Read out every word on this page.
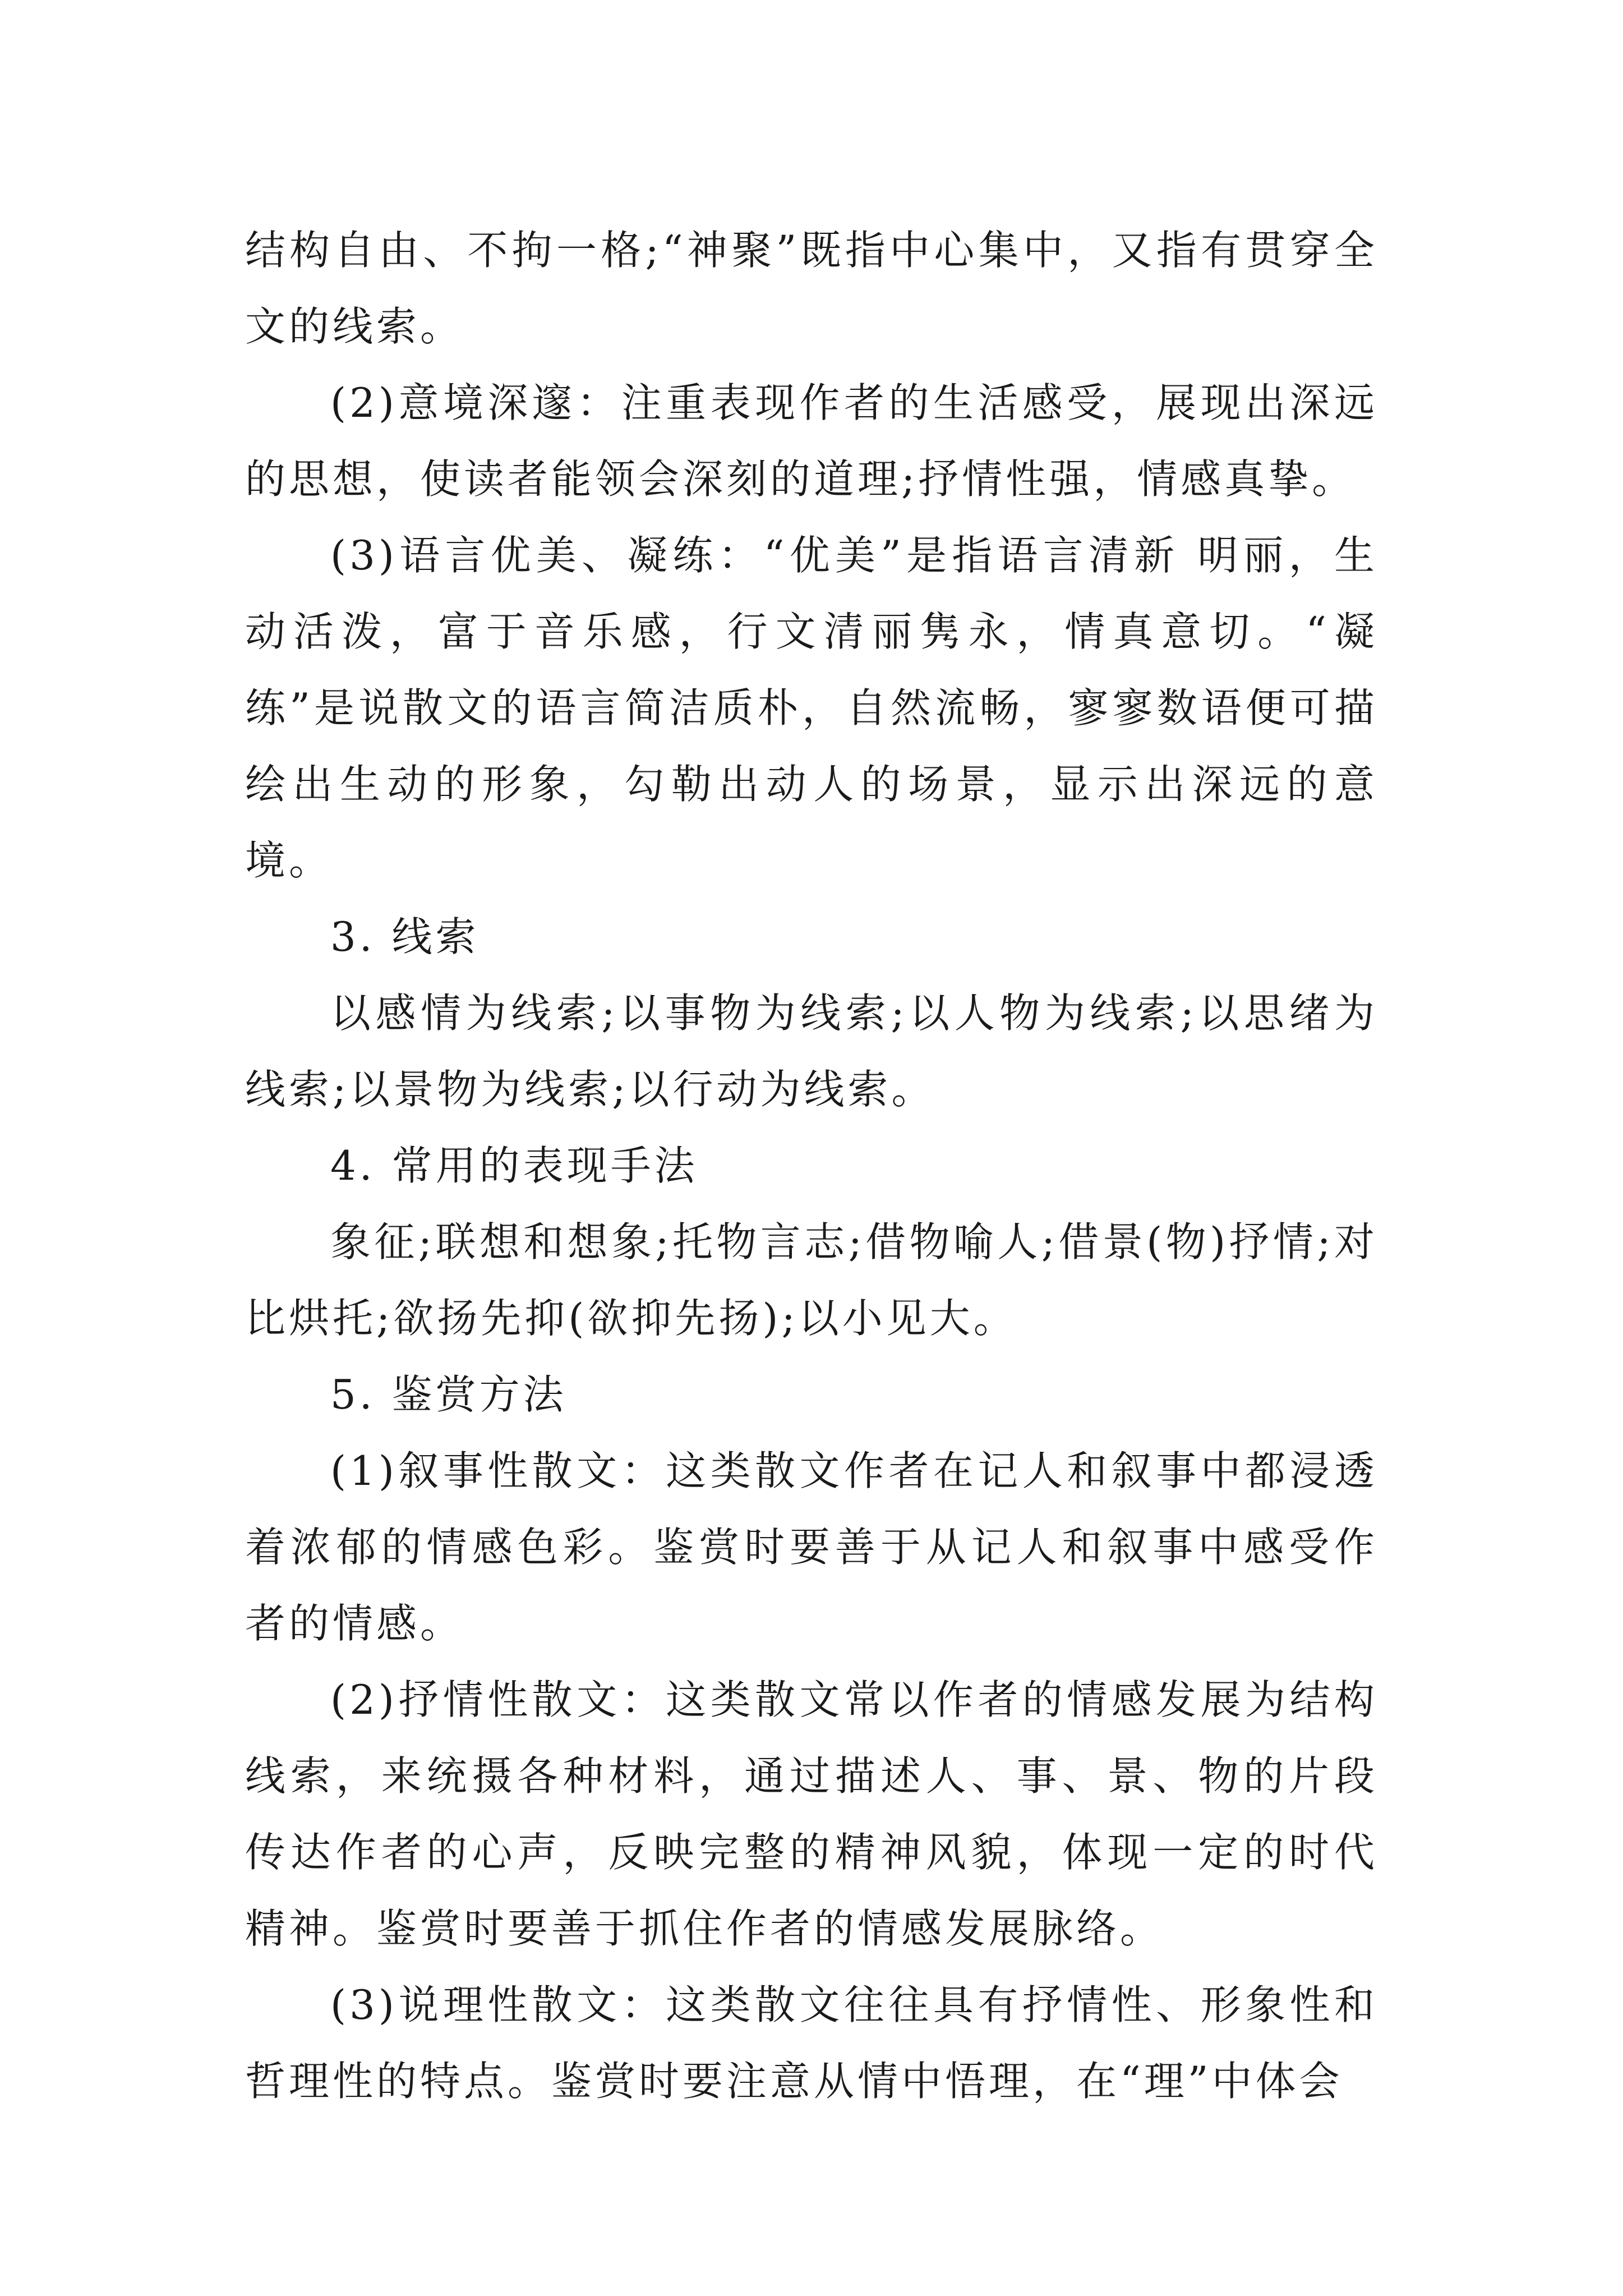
结构自由、不拘一格;“神聚”既指中心集中，又指有贯穿全文的线索。

(2)意境深邃：注重表现作者的生活感受，展现出深远的思想，使读者能领会深刻的道理;抒情性强，情感真挚。

(3)语言优美、凝练：“优美”是指语言清新 明丽，生动活泼，富于音乐感，行文清丽隽永，情真意切。“凝练”是说散文的语言简洁质朴，自然流畅，寥寥数语便可描绘出生动的形象，勾勒出动人的场景，显示出深远的意境。

3. 线索

以感情为线索;以事物为线索;以人物为线索;以思绪为线索;以景物为线索;以行动为线索。

4. 常用的表现手法

象征;联想和想象;托物言志;借物喻人;借景(物)抒情;对比烘托;欲扬先抑(欲抑先扬);以小见大。

5. 鉴赏方法

(1)叙事性散文：这类散文作者在记人和叙事中都浸透着浓郁的情感色彩。鉴赏时要善于从记人和叙事中感受作者的情感。

(2)抒情性散文：这类散文常以作者的情感发展为结构线索，来统摄各种材料，通过描述人、事、景、物的片段传达作者的心声，反映完整的精神风貌，体现一定的时代精神。鉴赏时要善于抓住作者的情感发展脉络。

(3)说理性散文：这类散文往往具有抒情性、形象性和哲理性的特点。鉴赏时要注意从情中悟理，在“理”中体会
